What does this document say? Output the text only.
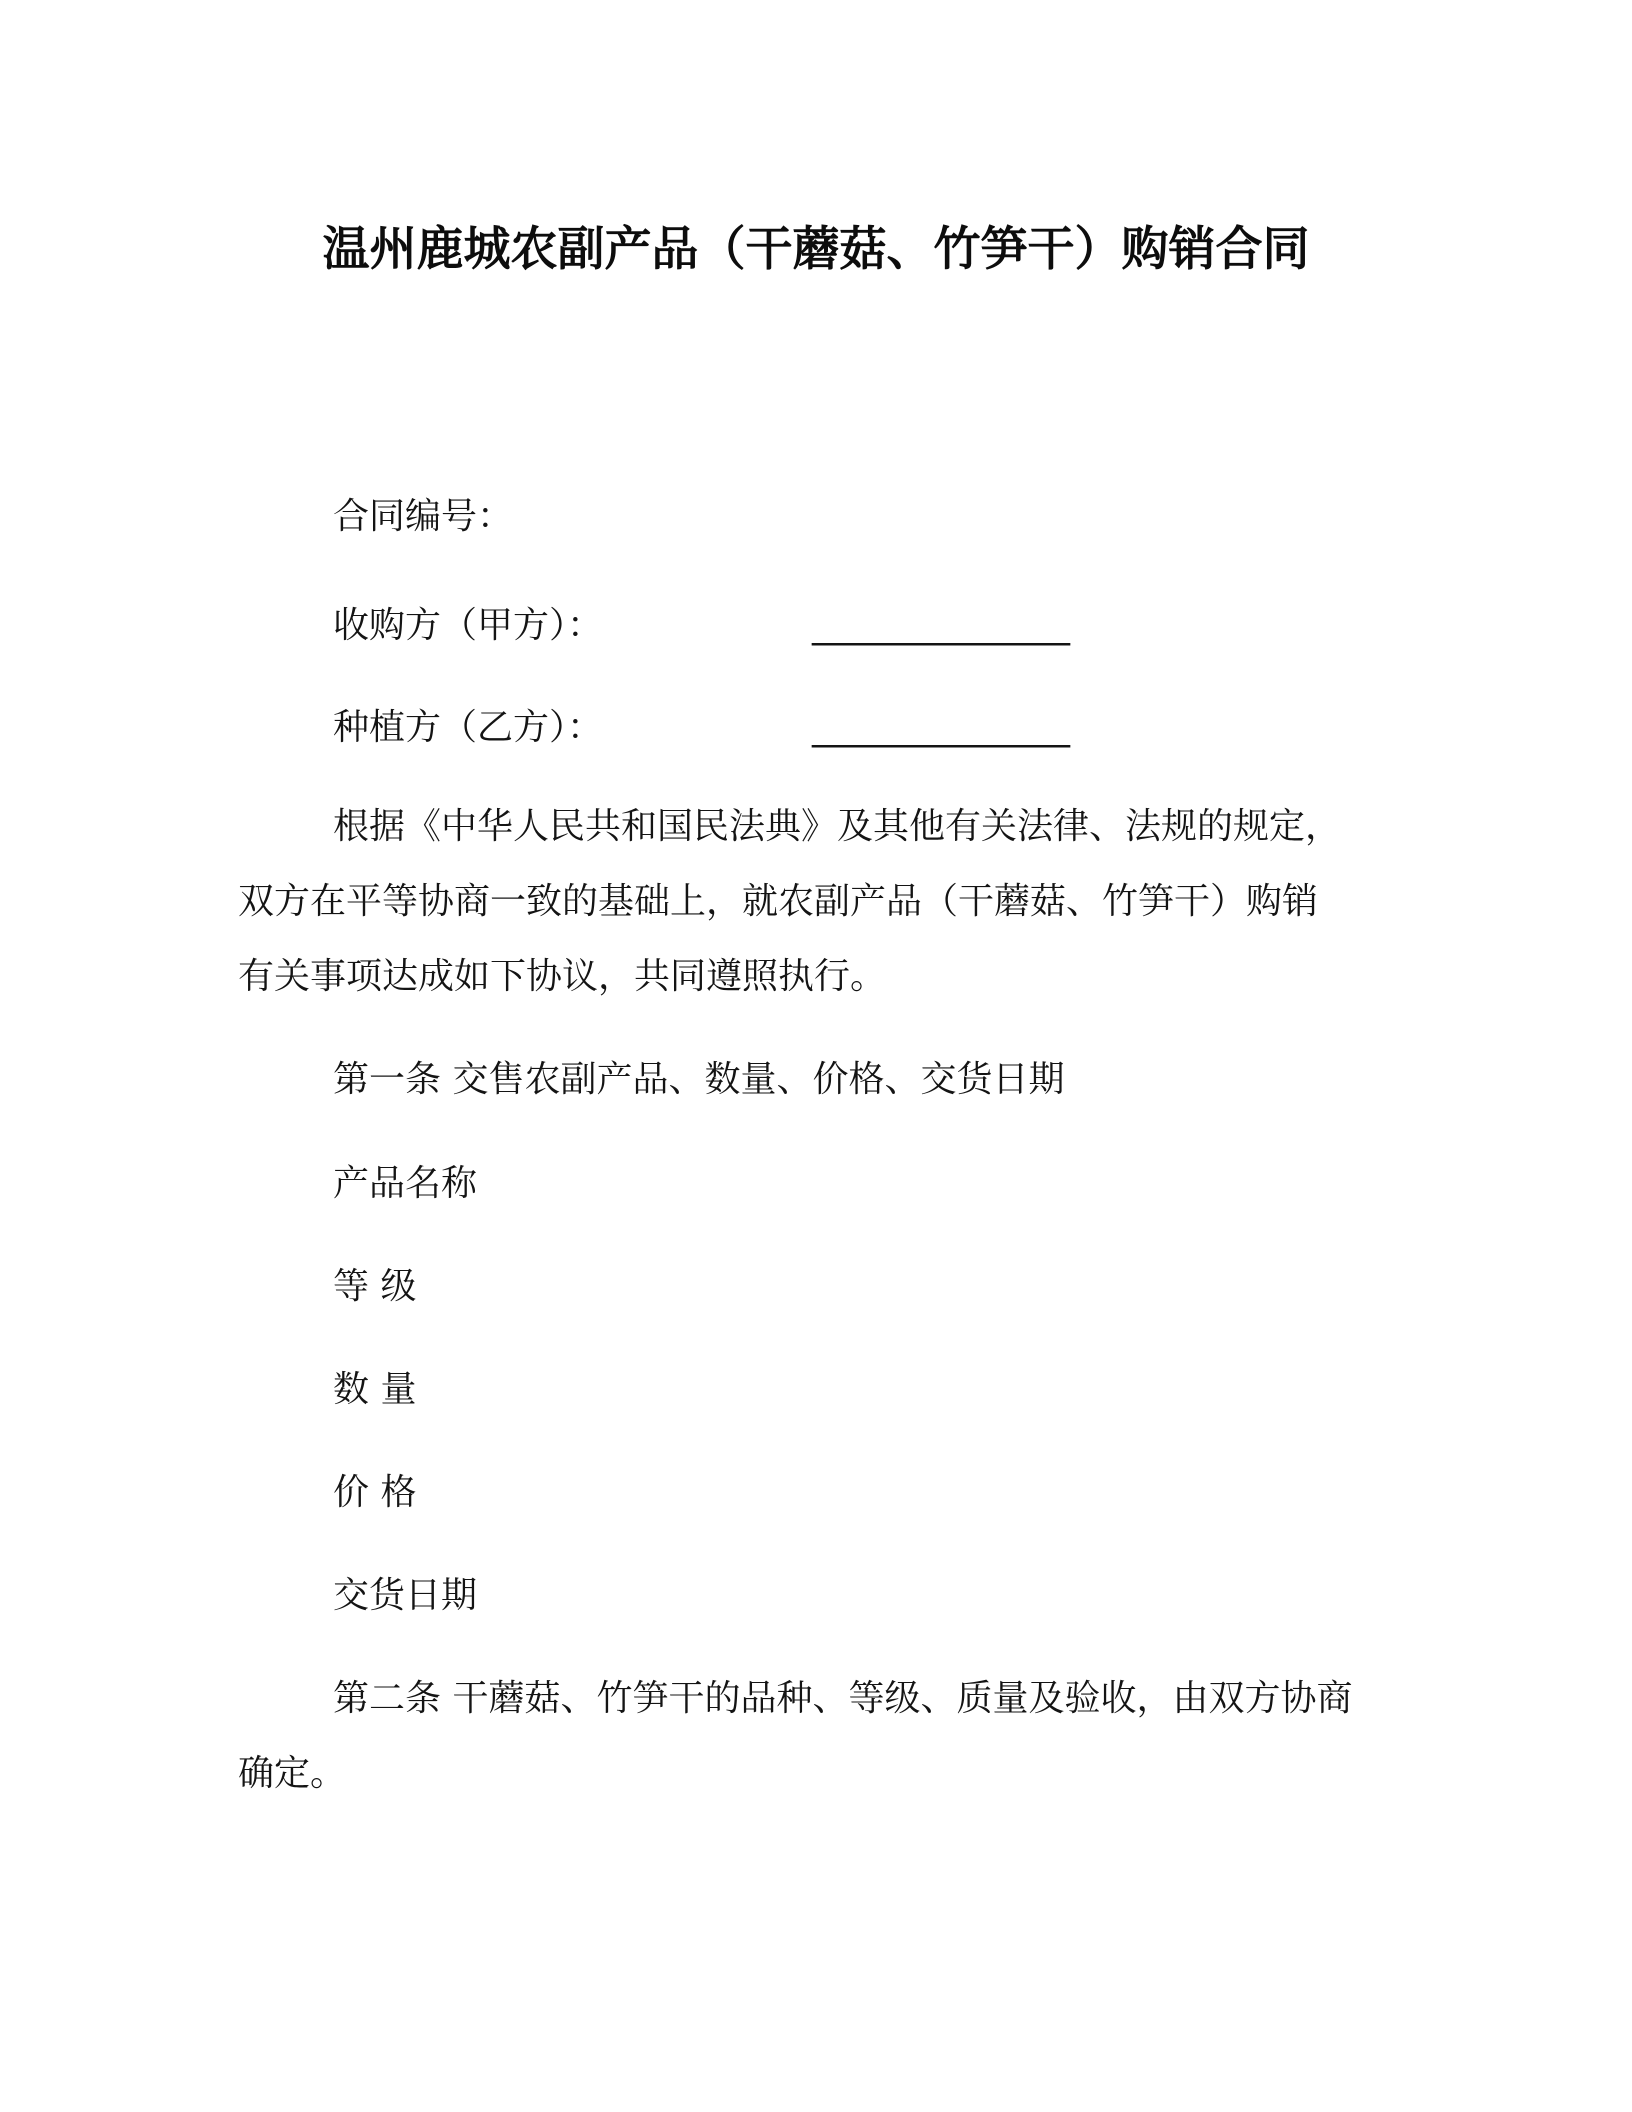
温州鹿城农副产品（干蘑菇、竹笋干）购销合同
合同编号：
收购方（甲方）：	________________
种植方（乙方）：	________________
根据《中华人民共和国民法典》及其他有关法律、法规的规定，
双方在平等协商一致的基础上，就农副产品（干蘑菇、竹笋干）购销
有关事项达成如下协议，共同遵照执行。
第一条 交售农副产品、数量、价格、交货日期
产品名称
等 级
数 量
价 格
交货日期
第二条 干蘑菇、竹笋干的品种、等级、质量及验收，由双方协商
确定。
